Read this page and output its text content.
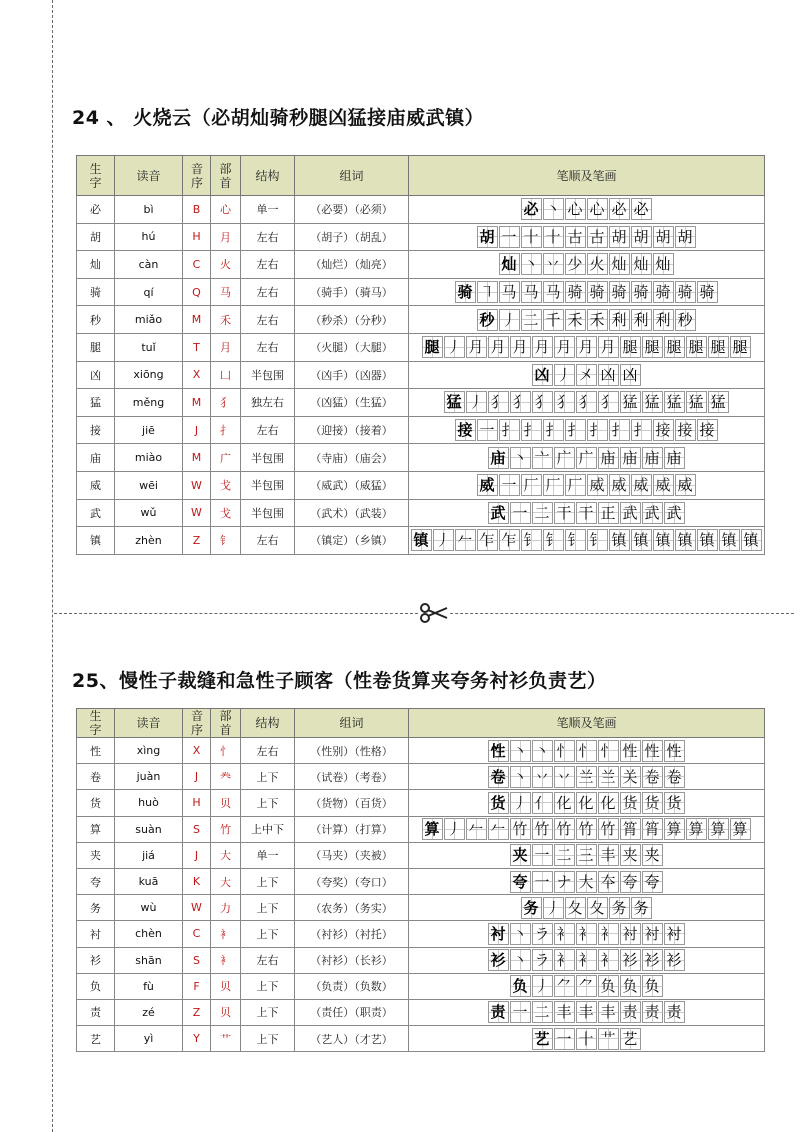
24 、 火烧云（必胡灿骑秒腿凶猛接庙威武镇）
生字	读音	音序	部首	结构	组词	笔顺及笔画
必	bì	B	心	单一	（必要）（必须）	必 丶 心 心 必 必
胡	hú	H	月	左右	（胡子）（胡乱）	胡 一 十 十 古 古 胡 胡 胡 胡
灿	càn	C	火	左右	（灿烂）（灿亮）	灿 丶 丷 少 火 灿 灿 灿
骑	qí	Q	马	左右	（骑手）（骑马）	骑 ㇕ 马 马 马 骑 骑 骑 骑 骑 骑 骑
秒	miǎo	M	禾	左右	（秒杀）（分秒）	秒 丿 二 千 禾 禾 利 利 利 秒
腿	tuǐ	T	月	左右	（火腿）（大腿）	腿 丿 月 月 月 月 月 月 月 腿 腿 腿 腿 腿 腿
凶	xiōng	X	凵	半包围	（凶手）（凶器）	凶 丿 㐅 凶 凶
猛	měng	M	犭	独左右	（凶猛）（生猛）	猛 丿 犭 犭 犭 犭 犭 犭 猛 猛 猛 猛 猛
接	jiē	J	扌	左右	（迎接）（接着）	接 一 扌 扌 扌 扌 扌 扌 扌 接 接 接
庙	miào	M	广	半包围	（寺庙）（庙会）	庙 丶 亠 广 广 庙 庙 庙 庙
威	wēi	W	戈	半包围	（威武）（威猛）	威 一 厂 厂 厂 威 威 威 威 威
武	wǔ	W	戈	半包围	（武术）（武装）	武 一 二 干 干 正 武 武 武
镇	zhèn	Z	钅	左右	（镇定）（乡镇）	镇 丿 𠂉 乍 乍 钅 钅 钅 钅 镇 镇 镇 镇 镇 镇 镇
25、慢性子裁缝和急性子顾客（性卷货算夹夸务衬衫负责艺）
生字	读音	音序	部首	结构	组词	笔顺及笔画
性	xìng	X	忄	左右	（性别）（性格）	性 丶 丶 忄 忄 忄 性 性 性
卷	juàn	J	龹	上下	（试卷）（考卷）	卷 丶 丷 丷 兰 兰 关 卷 卷
货	huò	H	贝	上下	（货物）（百货）	货 丿 亻 化 化 化 货 货 货
算	suàn	S	竹	上中下	（计算）（打算）	算 丿 𠂉 𠂉 竹 竹 竹 竹 竹 筲 筲 算 算 算 算
夹	jiá	J	大	单一	（马夹）（夹被）	夹 一 二 三 丰 夹 夹
夸	kuā	K	大	上下	（夸奖）（夸口）	夸 一 ナ 大 夲 夸 夸
务	wù	W	力	上下	（农务）（务实）	务 丿 夂 夂 务 务
衬	chèn	C	衤	上下	（衬衫）（衬托）	衬 丶 ラ 衤 衤 衤 衬 衬 衬
衫	shān	S	衤	左右	（衬衫）（长衫）	衫 丶 ラ 衤 衤 衤 衫 衫 衫
负	fù	F	贝	上下	（负责）（负数）	负 丿 ⺈ ⺈ 负 负 负
责	zé	Z	贝	上下	（责任）（职责）	责 一 二 丰 丰 丰 责 责 责
艺	yì	Y	艹	上下	（艺人）（才艺）	艺 一 十 艹 艺
